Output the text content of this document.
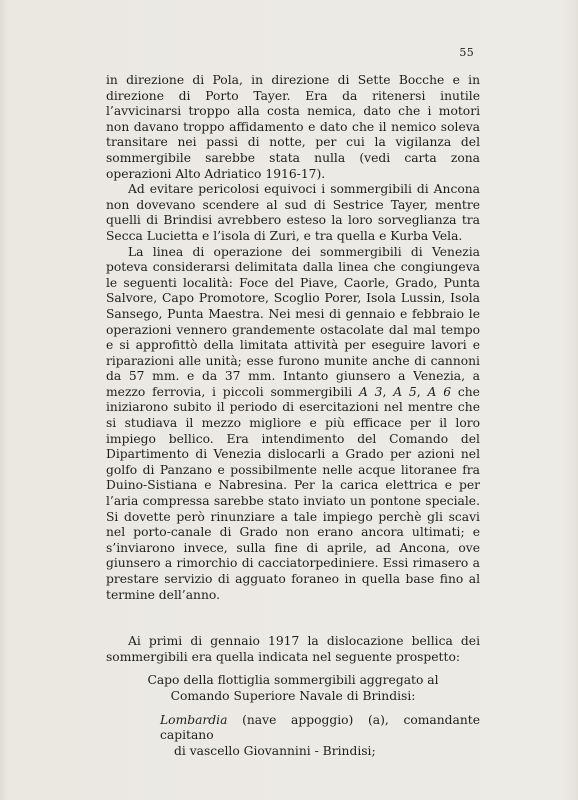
55

in direzione di Pola, in direzione di Sette Bocche e in direzione di Porto Tayer. Era da ritenersi inutile l’avvicinarsi troppo alla costa nemica, dato che i motori non davano troppo affidamento e dato che il nemico soleva transitare nei passi di notte, per cui la vigilanza del sommergibile sarebbe stata nulla (vedi carta zona operazioni Alto Adriatico 1916-17).

Ad evitare pericolosi equivoci i sommergibili di Ancona non dovevano scendere al sud di Sestrice Tayer, mentre quelli di Brindisi avrebbero esteso la loro sorveglianza tra Secca Lucietta e l’isola di Zuri, e tra quella e Kurba Vela.

La linea di operazione dei sommergibili di Venezia poteva considerarsi delimitata dalla linea che congiungeva le seguenti località: Foce del Piave, Caorle, Grado, Punta Salvore, Capo Promotore, Scoglio Porer, Isola Lussin, Isola Sansego, Punta Maestra. Nei mesi di gennaio e febbraio le operazioni vennero grandemente ostacolate dal mal tempo e si approfittò della limitata attività per eseguire lavori e riparazioni alle unità; esse furono munite anche di cannoni da 57 mm. e da 37 mm. Intanto giunsero a Venezia, a mezzo ferrovia, i piccoli sommergibili A 3, A 5, A 6 che iniziarono subito il periodo di esercitazioni nel mentre che si studiava il mezzo migliore e più efficace per il loro impiego bellico. Era intendimento del Comando del Dipartimento di Venezia dislocarli a Grado per azioni nel golfo di Panzano e possibilmente nelle acque litoranee fra Duino-Sistiana e Nabresina. Per la carica elettrica e per l’aria compressa sarebbe stato inviato un pontone speciale. Si dovette però rinunziare a tale impiego perchè gli scavi nel porto-canale di Grado non erano ancora ultimati; e s’inviarono invece, sulla fine di aprile, ad Ancona, ove giunsero a rimorchio di cacciatorpediniere. Essi rimasero a prestare servizio di agguato foraneo in quella base fino al termine dell’anno.

Ai primi di gennaio 1917 la dislocazione bellica dei sommergibili era quella indicata nel seguente prospetto:

Capo della flottiglia sommergibili aggregato al Comando Superiore Navale di Brindisi:
Lombardia (nave appoggio) (a), comandante capitano
di vascello Giovannini - Brindisi;
